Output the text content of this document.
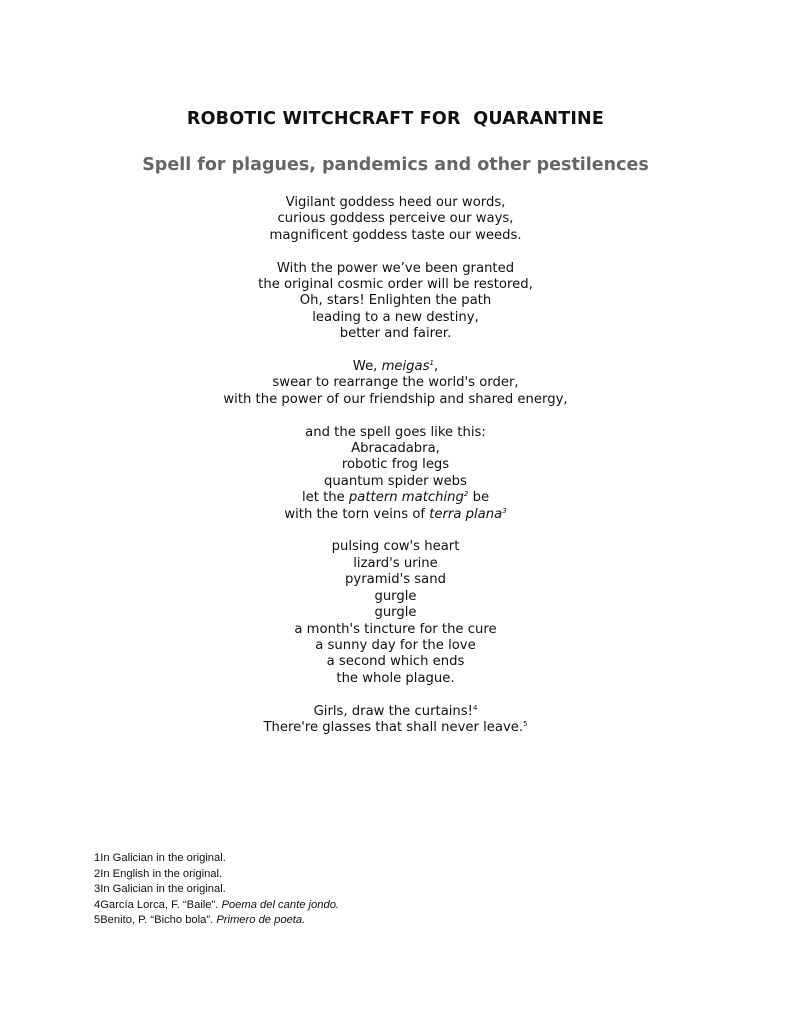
ROBOTIC WITCHCRAFT FOR  QUARANTINE
Spell for plagues, pandemics and other pestilences
Vigilant goddess heed our words,
curious goddess perceive our ways,
magnificent goddess taste our weeds.
With the power we’ve been granted
the original cosmic order will be restored,
Oh, stars! Enlighten the path
leading to a new destiny,
better and fairer.
We, meigas$^1$,
swear to rearrange the world's order,
with the power of our friendship and shared energy,
and the spell goes like this:
Abracadabra,
robotic frog legs
quantum spider webs
let the pattern matching$^2$ be
with the torn veins of terra plana$^3$
pulsing cow's heart
lizard's urine
pyramid's sand
gurgle
gurgle
a month's tincture for the cure
a sunny day for the love
a second which ends
the whole plague.
Girls, draw the curtains!$^4$
There're glasses that shall never leave.$^5$
1In Galician in the original.
2In English in the original.
3In Galician in the original.
4García Lorca, F. “Baile”. Poema del cante jondo.
5Benito, P. “Bicho bola”. Primero de poeta.
